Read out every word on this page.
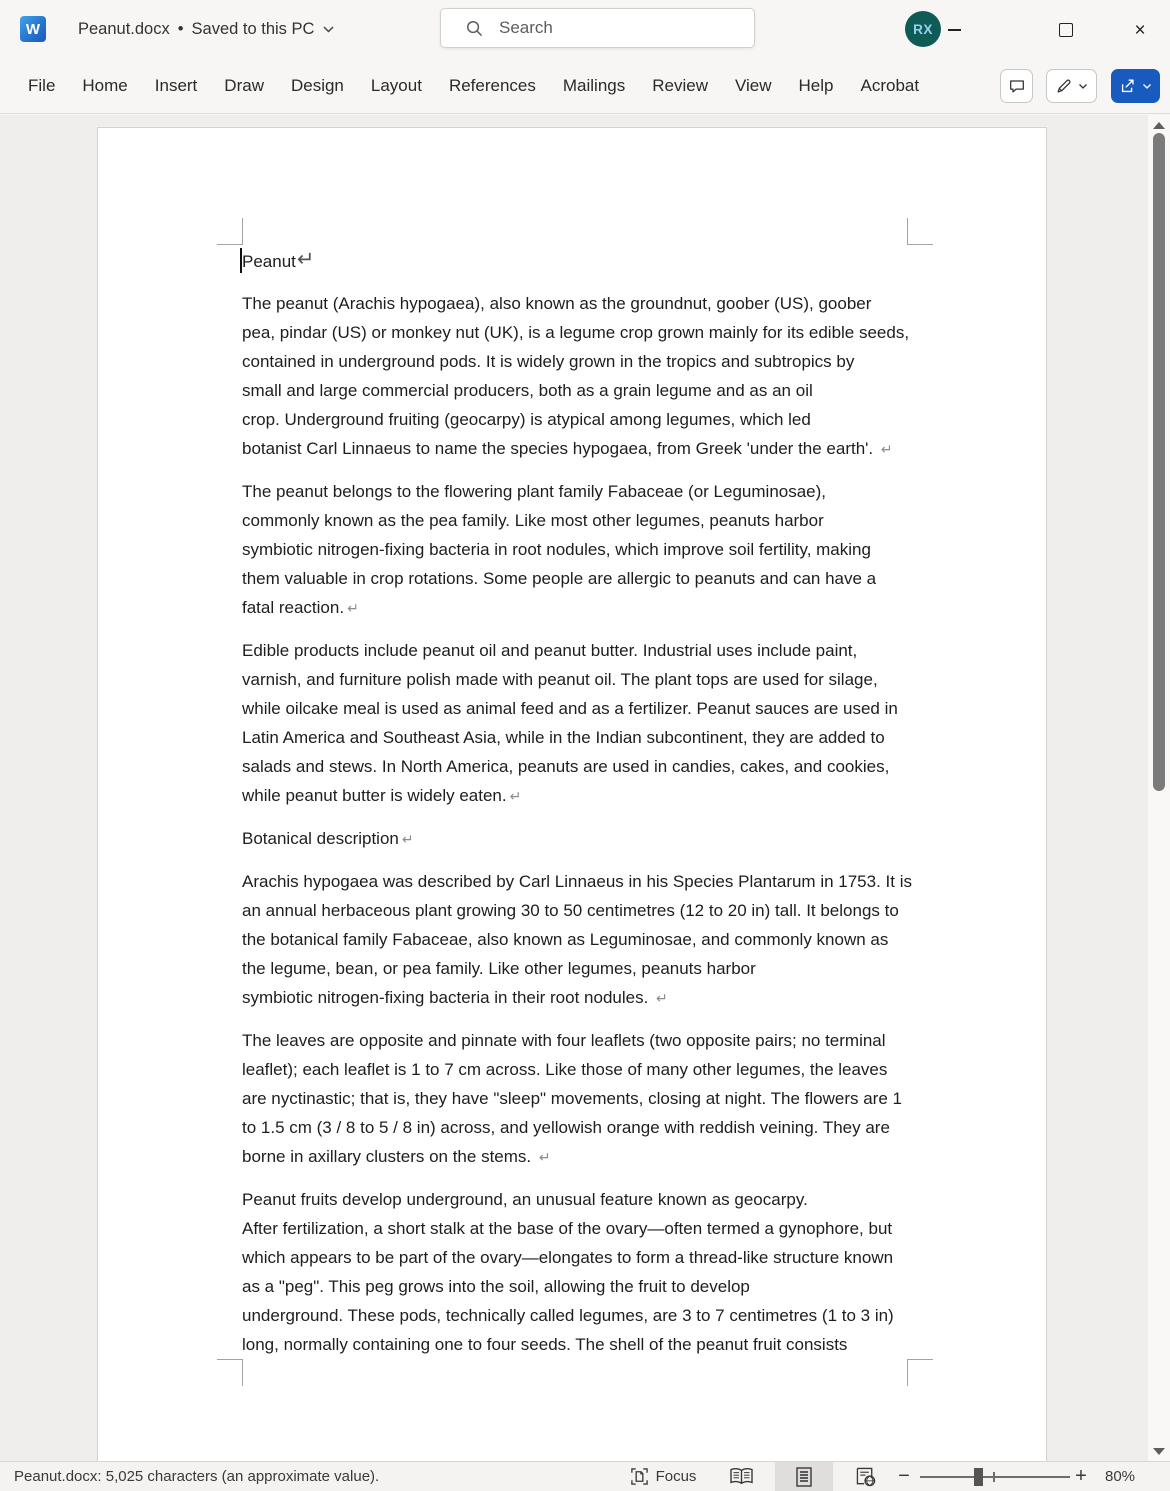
W	Peanut.docx • Saved to this PC
Search	RX	×
File Home Insert Draw Design Layout References Mailings Review View Help Acrobat

Peanut↵

The peanut (Arachis hypogaea), also known as the groundnut, goober (US), goober
pea, pindar (US) or monkey nut (UK), is a legume crop grown mainly for its edible seeds,
contained in underground pods. It is widely grown in the tropics and subtropics by
small and large commercial producers, both as a grain legume and as an oil
crop. Underground fruiting (geocarpy) is atypical among legumes, which led
botanist Carl Linnaeus to name the species hypogaea, from Greek 'under the earth'. ↵

The peanut belongs to the flowering plant family Fabaceae (or Leguminosae),
commonly known as the pea family. Like most other legumes, peanuts harbor
symbiotic nitrogen-fixing bacteria in root nodules, which improve soil fertility, making
them valuable in crop rotations. Some people are allergic to peanuts and can have a
fatal reaction. ↵

Edible products include peanut oil and peanut butter. Industrial uses include paint,
varnish, and furniture polish made with peanut oil. The plant tops are used for silage,
while oilcake meal is used as animal feed and as a fertilizer. Peanut sauces are used in
Latin America and Southeast Asia, while in the Indian subcontinent, they are added to
salads and stews. In North America, peanuts are used in candies, cakes, and cookies,
while peanut butter is widely eaten. ↵

Botanical description ↵

Arachis hypogaea was described by Carl Linnaeus in his Species Plantarum in 1753. It is
an annual herbaceous plant growing 30 to 50 centimetres (12 to 20 in) tall. It belongs to
the botanical family Fabaceae, also known as Leguminosae, and commonly known as
the legume, bean, or pea family. Like other legumes, peanuts harbor
symbiotic nitrogen-fixing bacteria in their root nodules. ↵

The leaves are opposite and pinnate with four leaflets (two opposite pairs; no terminal
leaflet); each leaflet is 1 to 7 cm across. Like those of many other legumes, the leaves
are nyctinastic; that is, they have "sleep" movements, closing at night. The flowers are 1
to 1.5 cm (3 / 8 to 5 / 8 in) across, and yellowish orange with reddish veining. They are
borne in axillary clusters on the stems. ↵

Peanut fruits develop underground, an unusual feature known as geocarpy.
After fertilization, a short stalk at the base of the ovary—often termed a gynophore, but
which appears to be part of the ovary—elongates to form a thread-like structure known
as a "peg". This peg grows into the soil, allowing the fruit to develop
underground. These pods, technically called legumes, are 3 to 7 centimetres (1 to 3 in)
long, normally containing one to four seeds. The shell of the peanut fruit consists

Peanut.docx: 5,025 characters (an approximate value).	Focus	−	+	80%
